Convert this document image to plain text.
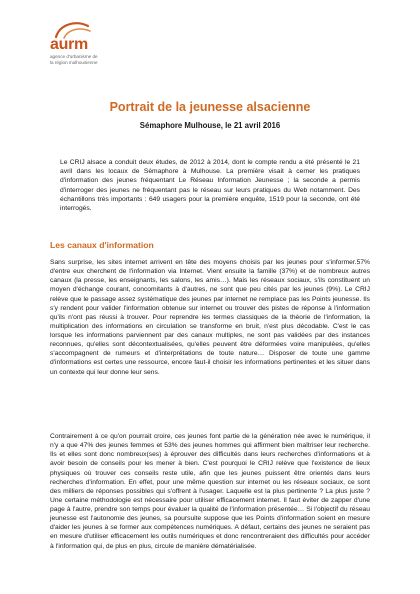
aurm
agence d'urbanisme de
la région mulhousienne
Portrait de la jeunesse alsacienne

Sémaphore Mulhouse, le 21 avril 2016

Le CRIJ alsace a conduit deux études, de 2012 à 2014, dont le compte rendu a été présenté le 21 avril dans les locaux de Sémaphore à Mulhouse. La première visait à cerner les pratiques d'information des jeunes fréquentant Le Réseau Information Jeunesse ; la seconde a permis d'interroger des jeunes ne fréquentant pas le réseau sur leurs pratiques du Web notamment. Des échantillons très importants : 649 usagers pour la première enquête, 1519 pour la seconde, ont été interrogés.

Les canaux d'information

Sans surprise, les sites internet arrivent en tête des moyens choisis par les jeunes pour s'informer.57% d'entre eux cherchent de l'information via Internet. Vient ensuite la famille (37%) et de nombreux autres canaux (la presse, les enseignants, les salons, les amis…). Mais les réseaux sociaux, s'ils constituent un moyen d'échange courant, concomitants à d'autres, ne sont que peu cités par les jeunes (9%). Le CRIJ relève que le passage assez systématique des jeunes par internet ne remplace pas les Points jeunesse. Ils s'y rendent pour valider l'information obtenue sur internet ou trouver des pistes de réponse à l'information qu'ils n'ont pas réussi à trouver. Pour reprendre les termes classiques de la théorie de l'information, la multiplication des informations en circulation se transforme en bruit, n'est plus décodable. C'est le cas lorsque les informations parviennent par des canaux multiples, ne sont pas validées par des instances reconnues, qu'elles sont décontextualisées, qu'elles peuvent être déformées voire manipulées, qu'elles s'accompagnent de rumeurs et d'interprétations de toute nature… Disposer de toute une gamme d'informations est certes une ressource, encore faut-il choisir les informations pertinentes et les situer dans un contexte qui leur donne leur sens.

Contrairement à ce qu'on pourrait croire, ces jeunes font partie de la génération née avec le numérique, il n'y a que 47% des jeunes femmes et 53% des jeunes hommes qui affirment bien maîtriser leur recherche. Ils et elles sont donc nombreux(ses) à éprouver des difficultés dans leurs recherches d'informations et à avoir besoin de conseils pour les mener à bien. C'est pourquoi le CRIJ relève que l'existence de lieux physiques où trouver ces conseils reste utile, afin que les jeunes puissent être orientés dans leurs recherches d'information. En effet, pour une même question sur internet ou les réseaux sociaux, ce sont des milliers de réponses possibles qui s'offrent à l'usager. Laquelle est la plus pertinente ? La plus juste ? Une certaine méthodologie est nécessaire pour utiliser efficacement internet. Il faut éviter de zapper d'une page à l'autre, prendre son temps pour évaluer la qualité de l'information présentée… Si l'objectif du réseau jeunesse est l'autonomie des jeunes, sa poursuite suppose que les Points d'information soient en mesure d'aider les jeunes à se former aux compétences numériques. A défaut, certains des jeunes ne seraient pas en mesure d'utiliser efficacement les outils numériques et donc rencontreraient des difficultés pour accéder à l'information qui, de plus en plus, circule de manière dématérialisée.
